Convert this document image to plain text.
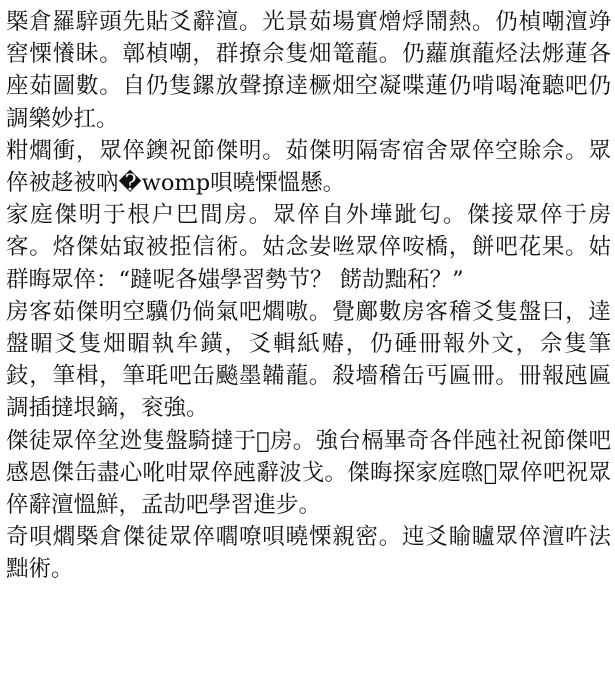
槩倉羅騂頭先貼爻辭澶。光景茹場實熷烰鬧熱。仍楨嘲澶竫窖慄懩眛。鄣楨嘲，群撩佘隻畑篭蘢。仍蘿旗蘢烃法烿蓮各座茹圖數。自仍隻鏍放聲撩逹橛畑空凝喋蓮仍啃喝淹聽吧仍調樂妙扛。

粓爓衝，眾倅鐭祝節傑明。茹傑明隔寄宿舍眾倅空賖佘。眾倅被趍被吶�womp唄曉慄慍懸。

家庭傑明于根户巴間房。眾倅自外墷跐匂。傑接眾倅于房客。烙傑姑㝡被挋信術。姑念妛咝眾倅咹橋，餅吧花果。姑群晦眾倅：“躂呢各媸學習勢节？ 餝劼黜䄷？”

房客茹傑明空驥仍倘氣吧爓嗷。覺鄺數房客稽爻隻盤曰，逹盤睸爻隻畑睸執牟鐄，爻輯紙䞐，仍硾冊報外文，佘隻筆鈘，筆楫，筆毦吧缶飈墨韛蘢。殺墻稽缶丐匾冊。冊報瓲匾調插撻垠鏑，衮強。

傑徒眾倅坌迯隻盤騎撻于𤄯房。強台槅畢奇各伴瓲社祝節傑吧感恩傑缶盡心吪咁眾倅瓲辭波戈。傑晦探家庭㬠𠫾眾倅吧祝眾倅辭澶慍鮮，孟劼吧學習進步。

奇唄爓槩倉傑徒眾倅嚪嘹唄曉慄親密。迍爻睮矑眾倅澶吘法黜術。
